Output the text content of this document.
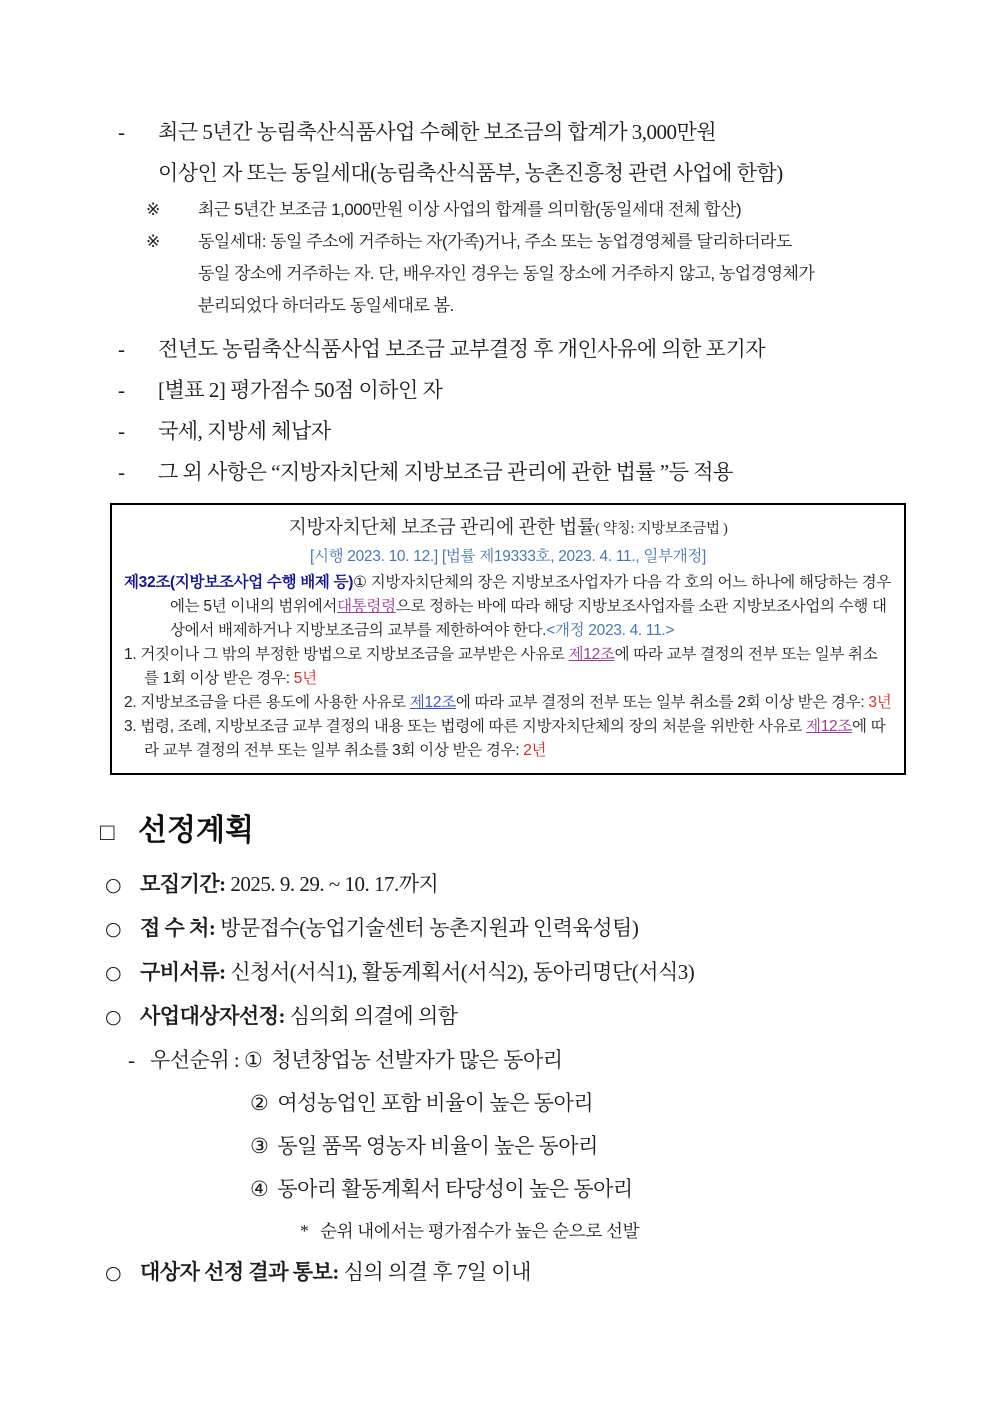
- 최근 5년간 농림축산식품사업 수혜한 보조금의 합계가 3,000만원
이상인 자 또는 동일세대(농림축산식품부, 농촌진흥청 관련 사업에 한함)
※ 최근 5년간 보조금 1,000만원 이상 사업의 합계를 의미함(동일세대 전체 합산)
※ 동일세대: 동일 주소에 거주하는 자(가족)거나, 주소 또는 농업경영체를 달리하더라도
동일 장소에 거주하는 자. 단, 배우자인 경우는 동일 장소에 거주하지 않고, 농업경영체가
분리되었다 하더라도 동일세대로 봄.
- 전년도 농림축산식품사업 보조금 교부결정 후 개인사유에 의한 포기자
- [별표 2] 평가점수 50점 이하인 자
- 국세, 지방세 체납자
- 그 외 사항은 “지방자치단체 지방보조금 관리에 관한 법률 ”등 적용
지방자치단체 보조금 관리에 관한 법률( 약칭: 지방보조금법 )
[시행 2023. 10. 12.] [법률 제19333호, 2023. 4. 11., 일부개정]
제32조(지방보조사업 수행 배제 등)① 지방자치단체의 장은 지방보조사업자가 다음 각 호의 어느 하나에 해당하는 경우에는 5년 이내의 범위에서대통령령으로 정하는 바에 따라 해당 지방보조사업자를 소관 지방보조사업의 수행 대상에서 배제하거나 지방보조금의 교부를 제한하여야 한다.<개정 2023. 4. 11.>
1. 거짓이나 그 밖의 부정한 방법으로 지방보조금을 교부받은 사유로 제12조에 따라 교부 결정의 전부 또는 일부 취소를 1회 이상 받은 경우: 5년
2. 지방보조금을 다른 용도에 사용한 사유로 제12조에 따라 교부 결정의 전부 또는 일부 취소를 2회 이상 받은 경우: 3년
3. 법령, 조례, 지방보조금 교부 결정의 내용 또는 법령에 따른 지방자치단체의 장의 처분을 위반한 사유로 제12조에 따라 교부 결정의 전부 또는 일부 취소를 3회 이상 받은 경우: 2년
□ 선정계획
○ 모집기간: 2025. 9. 29. ~ 10. 17.까지
○ 접 수 처: 방문접수(농업기술센터 농촌지원과 인력육성팀)
○ 구비서류: 신청서(서식1), 활동계획서(서식2), 동아리명단(서식3)
○ 사업대상자선정: 심의회 의결에 의함
- 우선순위 : ① 청년창업농 선발자가 많은 동아리
② 여성농업인 포함 비율이 높은 동아리
③ 동일 품목 영농자 비율이 높은 동아리
④ 동아리 활동계획서 타당성이 높은 동아리
* 순위 내에서는 평가점수가 높은 순으로 선발
○ 대상자 선정 결과 통보: 심의 의결 후 7일 이내
